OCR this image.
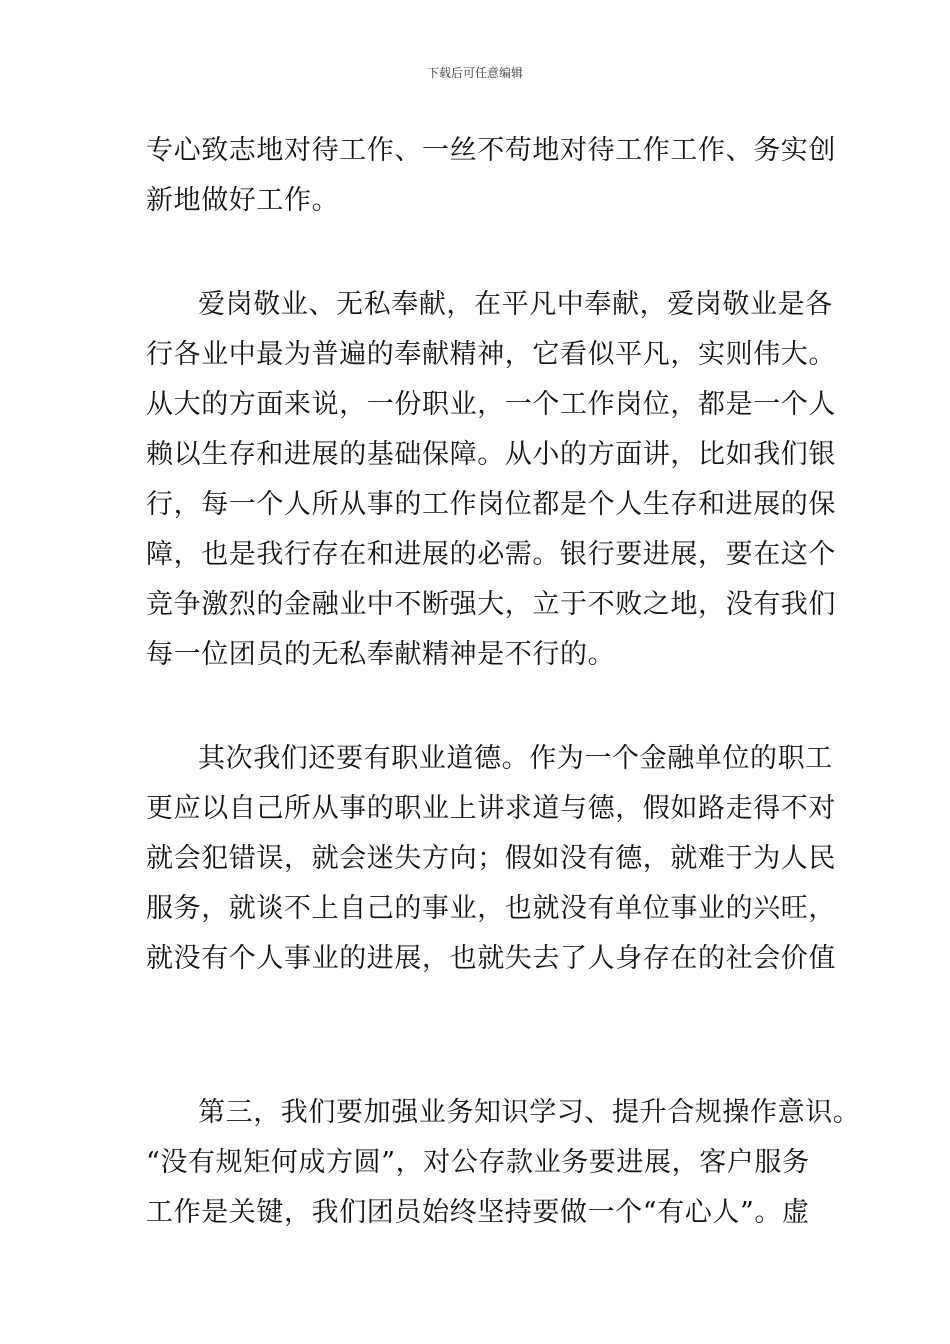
下载后可任意编辑
专心致志地对待工作、一丝不苟地对待工作工作、务实创
新地做好工作。
爱岗敬业、无私奉献，在平凡中奉献，爱岗敬业是各
行各业中最为普遍的奉献精神，它看似平凡，实则伟大。
从大的方面来说，一份职业，一个工作岗位，都是一个人
赖以生存和进展的基础保障。从小的方面讲，比如我们银
行，每一个人所从事的工作岗位都是个人生存和进展的保
障，也是我行存在和进展的必需。银行要进展，要在这个
竞争激烈的金融业中不断强大，立于不败之地，没有我们
每一位团员的无私奉献精神是不行的。
其次我们还要有职业道德。作为一个金融单位的职工
更应以自己所从事的职业上讲求道与德，假如路走得不对
就会犯错误，就会迷失方向；假如没有德，就难于为人民
服务，就谈不上自己的事业，也就没有单位事业的兴旺，
就没有个人事业的进展，也就失去了人身存在的社会价值
第三，我们要加强业务知识学习、提升合规操作意识。
“没有规矩何成方圆”，对公存款业务要进展，客户服务
工作是关键，我们团员始终坚持要做一个“有心人”。虚
